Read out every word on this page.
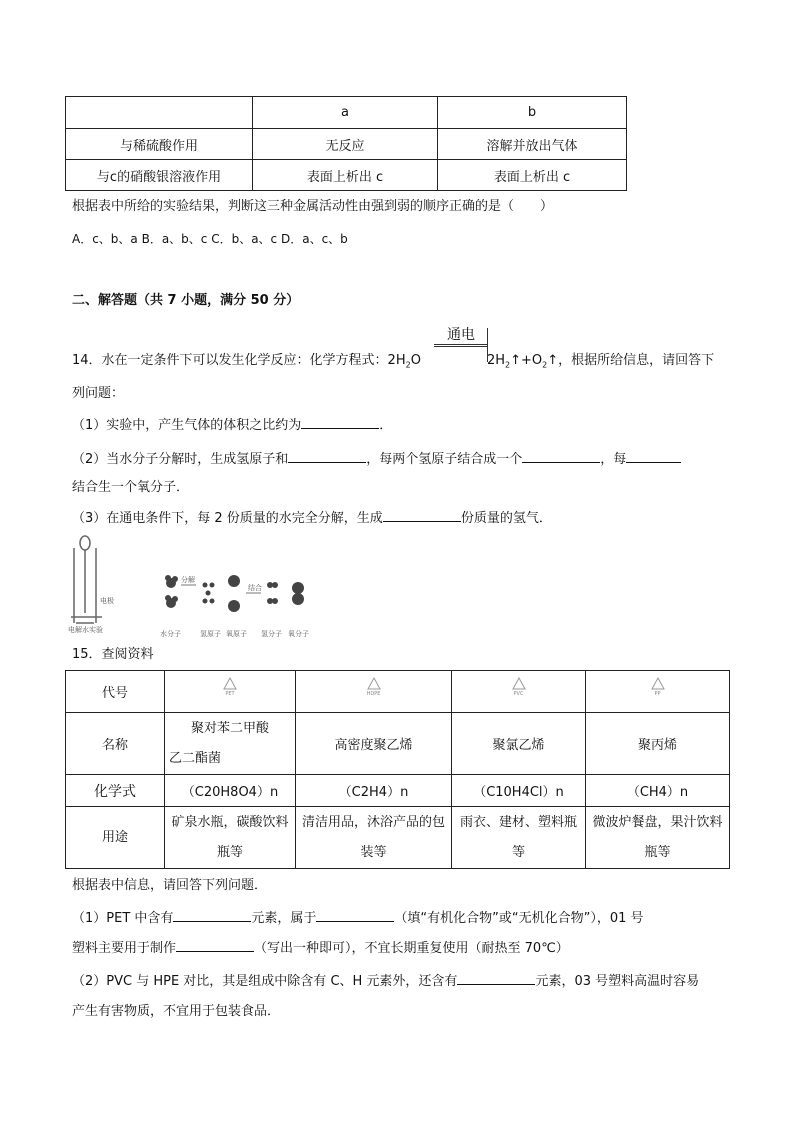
	a	b
与稀硫酸作用	无反应	溶解并放出气体
与c的硝酸银溶液作用	表面上析出 c	表面上析出 c
根据表中所给的实验结果，判断这三种金属活动性由强到弱的顺序正确的是（　　）
A．c、b、a B．a、b、c C．b、a、c D．a、c、b
二、解答题（共 7 小题，满分 50 分）
通电
14．水在一定条件下可以发生化学反应：化学方程式：$2H_2O$	$2H_2↑+O_2↑$，根据所给信息，请回答下
列问题：
（1）实验中，产生气体的体积之比约为	．
（2）当水分子分解时，生成氢原子和	，每两个氢原子结合成一个	，每
结合生一个氧分子．
（3）在通电条件下，每 2 份质量的水完全分解，生成	份质量的氢气．
电解水实验
电极
水分子
分解
氢原子 氧原子
结合
氢分子 氧分子
15．查阅资料
代号	PET	HDPE	PVC	PP

名称	聚对苯二甲酸
乙二酯菌	高密度聚乙烯	聚氯乙烯	聚丙烯
化学式	（C20H8O4）n	（C2H4）n	（C10H4Cl）n	（CH4）n
用途	矿泉水瓶，碳酸饮料瓶等	清洁用品，沐浴产品的包装等	雨衣、建材、塑料瓶等	微波炉餐盘，果汁饮料瓶等
根据表中信息，请回答下列问题．
（1）PET 中含有	元素，属于	（填“有机化合物”或“无机化合物”），01 号
塑料主要用于制作	（写出一种即可），不宜长期重复使用（耐热至 70℃）
（2）PVC 与 HPE 对比，其是组成中除含有 C、H 元素外，还含有	元素，03 号塑料高温时容易
产生有害物质，不宜用于包装食品．
